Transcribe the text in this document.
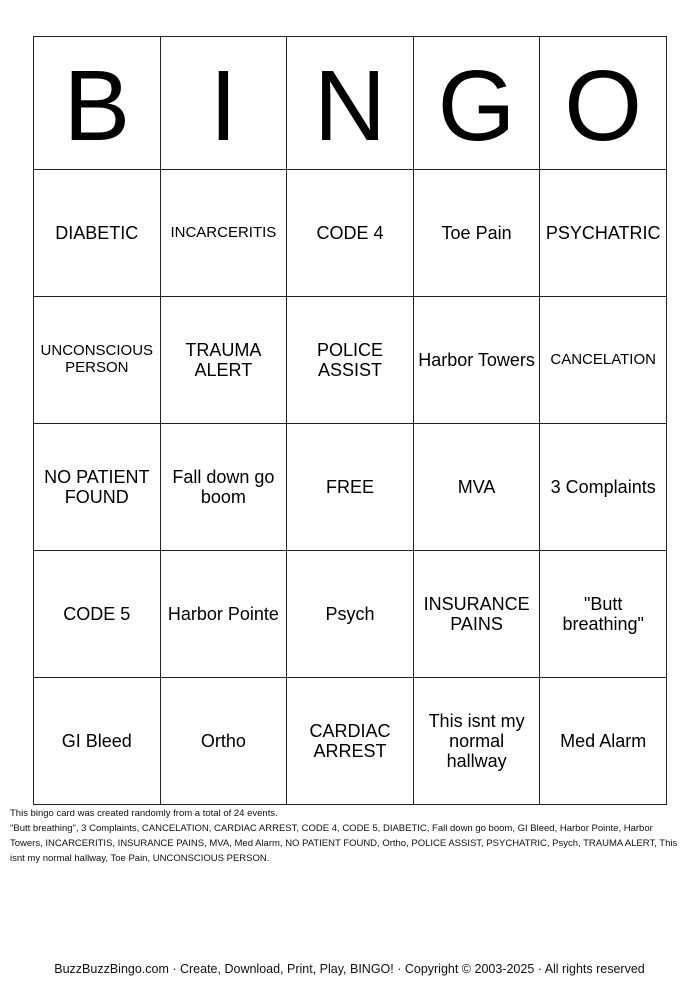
B	I	N	G	O
DIABETIC	INCARCERITIS	CODE 4	Toe Pain	PSYCHATRIC
UNCONSCIOUS PERSON	TRAUMA ALERT	POLICE ASSIST	Harbor Towers	CANCELATION
NO PATIENT FOUND	Fall down go boom	FREE	MVA	3 Complaints
CODE 5	Harbor Pointe	Psych	INSURANCE PAINS	"Butt breathing"
GI Bleed	Ortho	CARDIAC ARREST	This isnt my normal hallway	Med Alarm

This bingo card was created randomly from a total of 24 events.

"Butt breathing", 3 Complaints, CANCELATION, CARDIAC ARREST, CODE 4, CODE 5, DIABETIC, Fall down go boom, GI Bleed, Harbor Pointe, Harbor Towers, INCARCERITIS, INSURANCE PAINS, MVA, Med Alarm, NO PATIENT FOUND, Ortho, POLICE ASSIST, PSYCHATRIC, Psych, TRAUMA ALERT, This isnt my normal hallway, Toe Pain, UNCONSCIOUS PERSON.

BuzzBuzzBingo.com · Create, Download, Print, Play, BINGO! · Copyright © 2003-2025 · All rights reserved
